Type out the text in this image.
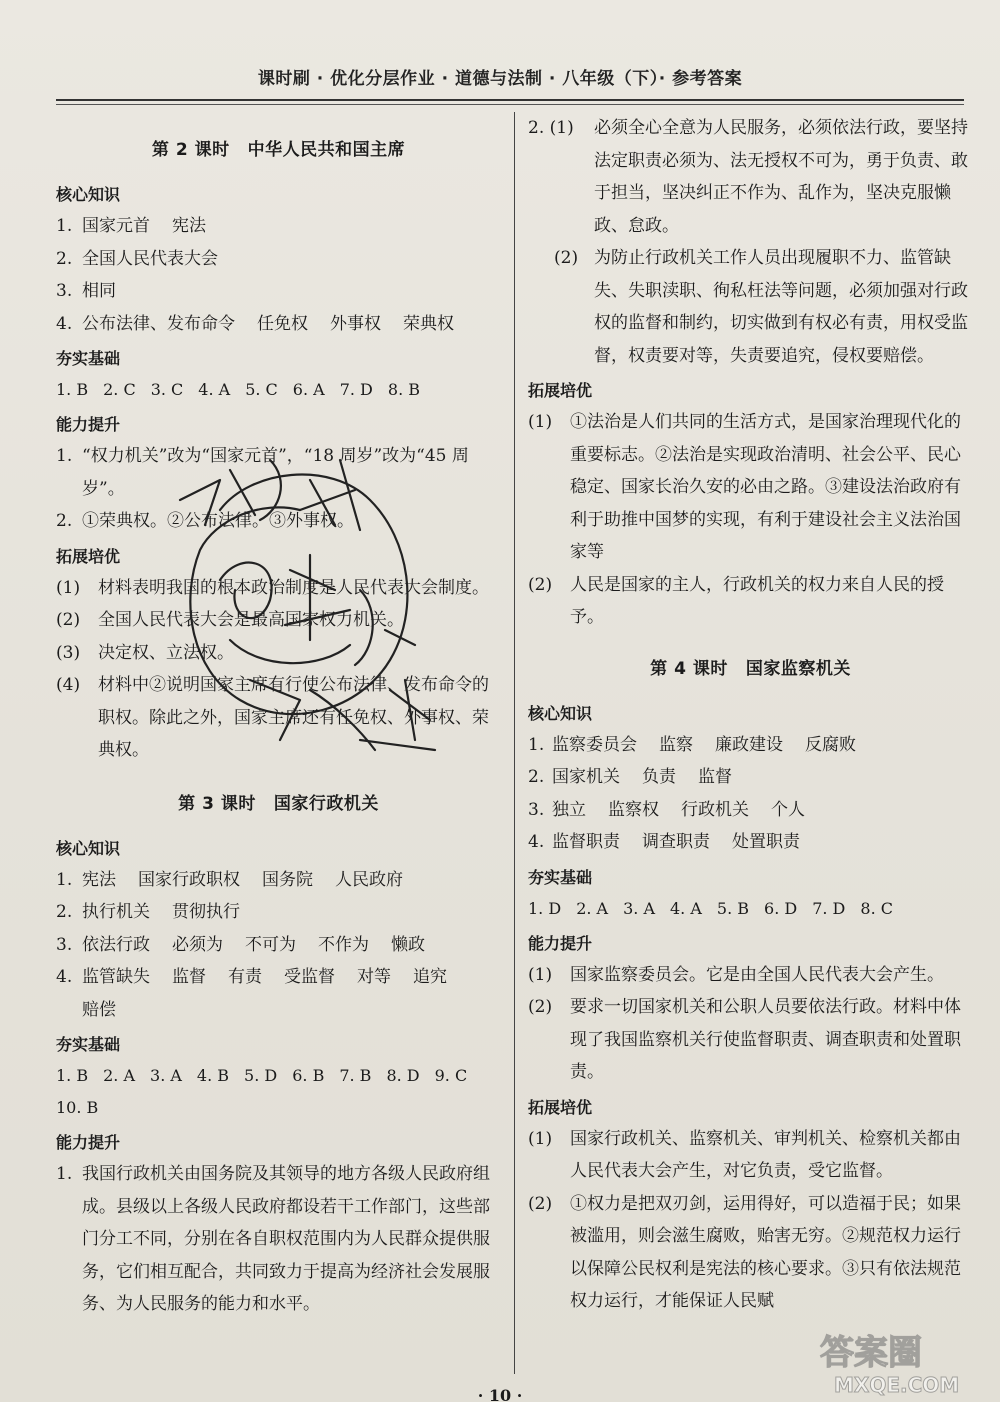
课时刷 · 优化分层作业 · 道德与法制 · 八年级（下）· 参考答案
第 2 课时 中华人民共和国主席
核心知识
1. 国家元首 宪法
2. 全国人民代表大会
3. 相同
4. 公布法律、发布命令 任免权 外事权 荣典权
夯实基础
1. B 2. C 3. C 4. A 5. C 6. A 7. D 8. B
能力提升
1. “权力机关”改为“国家元首”，“18 周岁”改为“45 周岁”。
2. ①荣典权。②公布法律。③外事权。
拓展培优
(1) 材料表明我国的根本政治制度是人民代表大会制度。
(2) 全国人民代表大会是最高国家权力机关。
(3) 决定权、立法权。
(4) 材料中②说明国家主席有行使公布法律、发布命令的职权。除此之外，国家主席还有任免权、外事权、荣典权。
第 3 课时 国家行政机关
核心知识
1. 宪法 国家行政职权 国务院 人民政府
2. 执行机关 贯彻执行
3. 依法行政 必须为 不可为 不作为 懒政
4. 监管缺失 监督 有责 受监督 对等 追究
赔偿
夯实基础
1. B 2. A 3. A 4. B 5. D 6. B 7. B 8. D 9. C
10. B
能力提升
1. 我国行政机关由国务院及其领导的地方各级人民政府组成。县级以上各级人民政府都设若干工作部门，这些部门分工不同，分别在各自职权范围内为人民群众提供服务，它们相互配合，共同致力于提高为经济社会发展服务、为人民服务的能力和水平。
2. (1) 必须全心全意为人民服务，必须依法行政，要坚持法定职责必须为、法无授权不可为，勇于负责、敢于担当，坚决纠正不作为、乱作为，坚决克服懒政、怠政。
(2) 为防止行政机关工作人员出现履职不力、监管缺失、失职渎职、徇私枉法等问题，必须加强对行政权的监督和制约，切实做到有权必有责，用权受监督，权责要对等，失责要追究，侵权要赔偿。
拓展培优
(1) ①法治是人们共同的生活方式，是国家治理现代化的重要标志。②法治是实现政治清明、社会公平、民心稳定、国家长治久安的必由之路。③建设法治政府有利于助推中国梦的实现，有利于建设社会主义法治国家等
(2) 人民是国家的主人，行政机关的权力来自人民的授予。
第 4 课时 国家监察机关
核心知识
1. 监察委员会 监察 廉政建设 反腐败
2. 国家机关 负责 监督
3. 独立 监察权 行政机关 个人
4. 监督职责 调查职责 处置职责
夯实基础
1. D 2. A 3. A 4. A 5. B 6. D 7. D 8. C
能力提升
(1) 国家监察委员会。它是由全国人民代表大会产生。
(2) 要求一切国家机关和公职人员要依法行政。材料中体现了我国监察机关行使监督职责、调查职责和处置职责。
拓展培优
(1) 国家行政机关、监察机关、审判机关、检察机关都由人民代表大会产生，对它负责，受它监督。
(2) ①权力是把双刃剑，运用得好，可以造福于民；如果被滥用，则会滋生腐败，贻害无穷。②规范权力运行以保障公民权利是宪法的核心要求。③只有依法规范权力运行，才能保证人民赋
答案圈
MXQE.COM
· 10 ·
